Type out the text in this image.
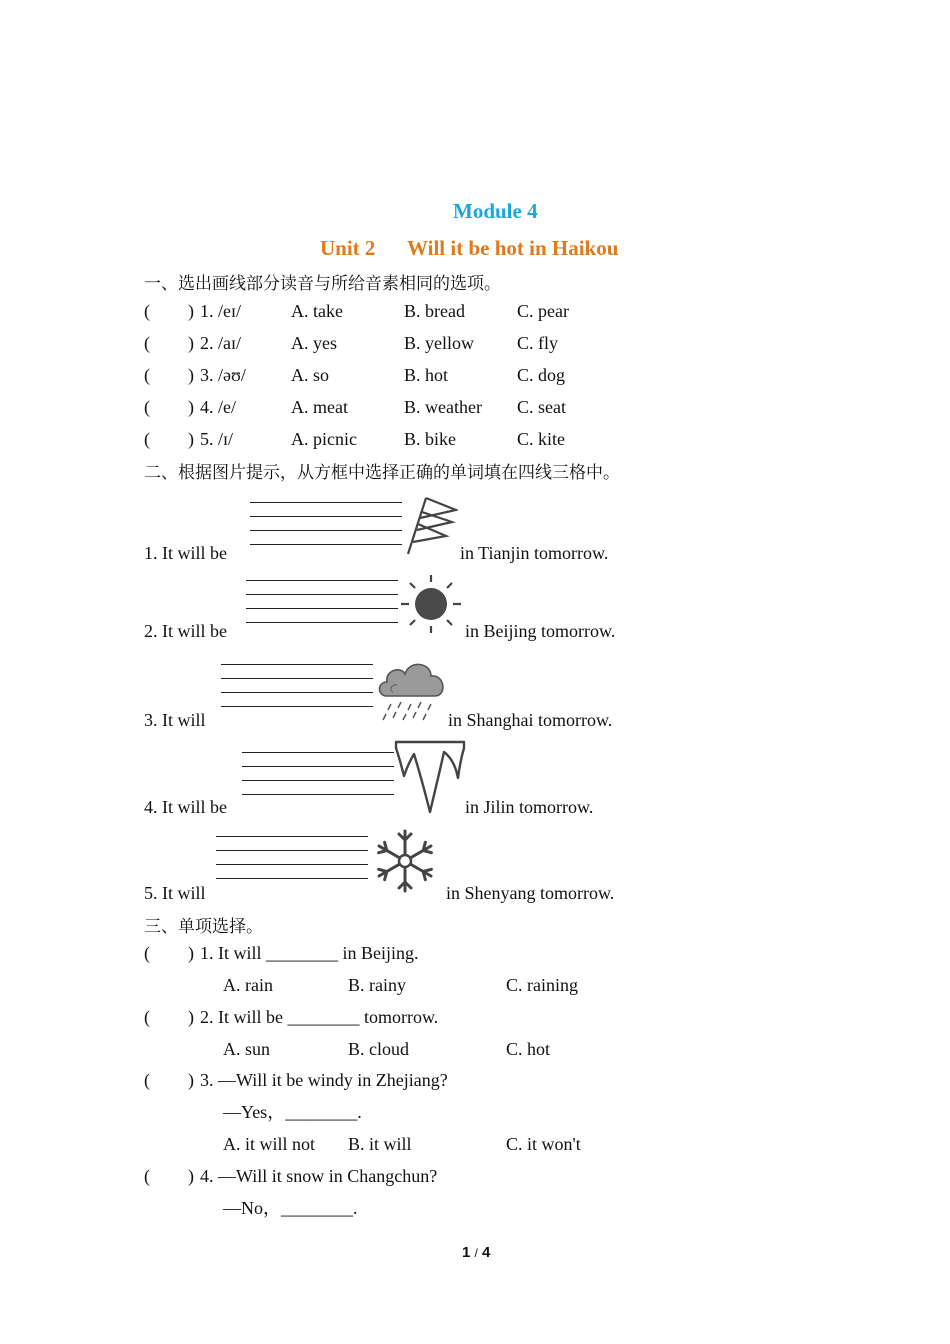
Module 4
Unit 2 Will it be hot in Haikou
一、选出画线部分读音与所给音素相同的选项。
( ) 1. /eɪ/	A. take	B. bread	C. pear
( ) 2. /aɪ/	A. yes	B. yellow C. fly
( ) 3. /əʊ/	A. so	B. hot	C. dog
( ) 4. /e/	A. meat	B. weather C. seat
( ) 5. /ɪ/	A. picnic	B. bike	C. kite
二、根据图片提示，从方框中选择正确的单词填在四线三格中。
1. It will be	in Tianjin tomorrow.
2. It will be	in Beijing tomorrow.
3. It will	in Shanghai tomorrow.
4. It will be	in Jilin tomorrow.
5. It will	in Shenyang tomorrow.
三、单项选择。
( ) 1. It will ________ in Beijing.
A. rain	B. rainy	C. raining
( ) 2. It will be ________ tomorrow.
A. sun	B. cloud	C. hot
( ) 3. —Will it be windy in Zhejiang?
—Yes，________.
A. it will not B. it will	C. it won't
( ) 4. —Will it snow in Changchun?
—No，________.
1 / 4
